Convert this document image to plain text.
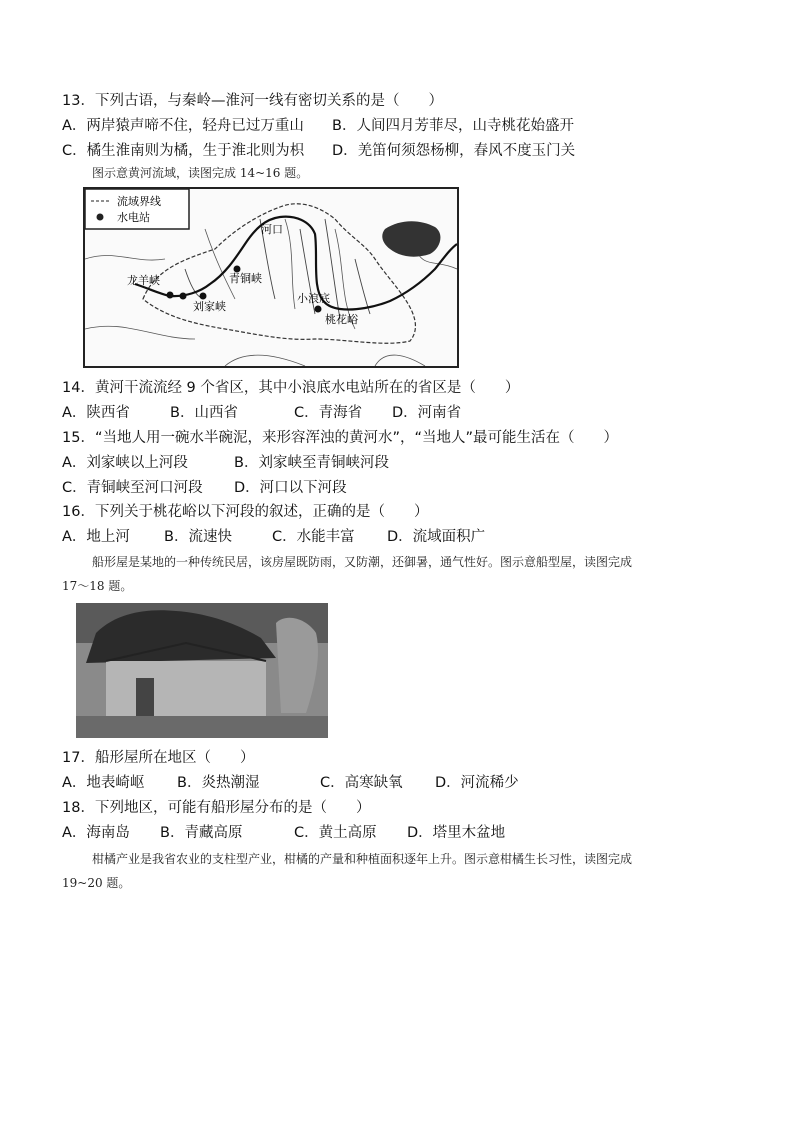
13．下列古语，与秦岭—淮河一线有密切关系的是（　　）
A．两岸猿声啼不住，轻舟已过万重山 B．人间四月芳菲尽，山寺桃花始盛开
C．橘生淮南则为橘，生于淮北则为枳 D．羌笛何须怨杨柳，春风不度玉门关
图示意黄河流域，读图完成 14~16 题。
流域界线
水电站
河口
龙羊峡	青铜峡
刘家峡
小浪底
桃花峪
14．黄河干流流经 9 个省区，其中小浪底水电站所在的省区是（　　）
A．陕西省	B．山西省	C．青海省 D．河南省
15．“当地人用一碗水半碗泥，来形容浑浊的黄河水”，“当地人”最可能生活在（　　）
A．刘家峡以上河段	B．刘家峡至青铜峡河段
C．青铜峡至河口河段 D．河口以下河段
16．下列关于桃花峪以下河段的叙述，正确的是（　　）
A．地上河 B．流速快	C．水能丰富 D．流域面积广
船形屋是某地的一种传统民居，该房屋既防雨，又防潮，还御暑，通气性好。图示意船型屋，读图完成
17～18 题。
17．船形屋所在地区（　　）
A．地表崎岖 B．炎热潮湿	C．高寒缺氧 D．河流稀少
18．下列地区，可能有船形屋分布的是（　　）
A．海南岛 B．青藏高原	C．黄土高原 D．塔里木盆地
柑橘产业是我省农业的支柱型产业，柑橘的产量和种植面积逐年上升。图示意柑橘生长习性，读图完成
19~20 题。
